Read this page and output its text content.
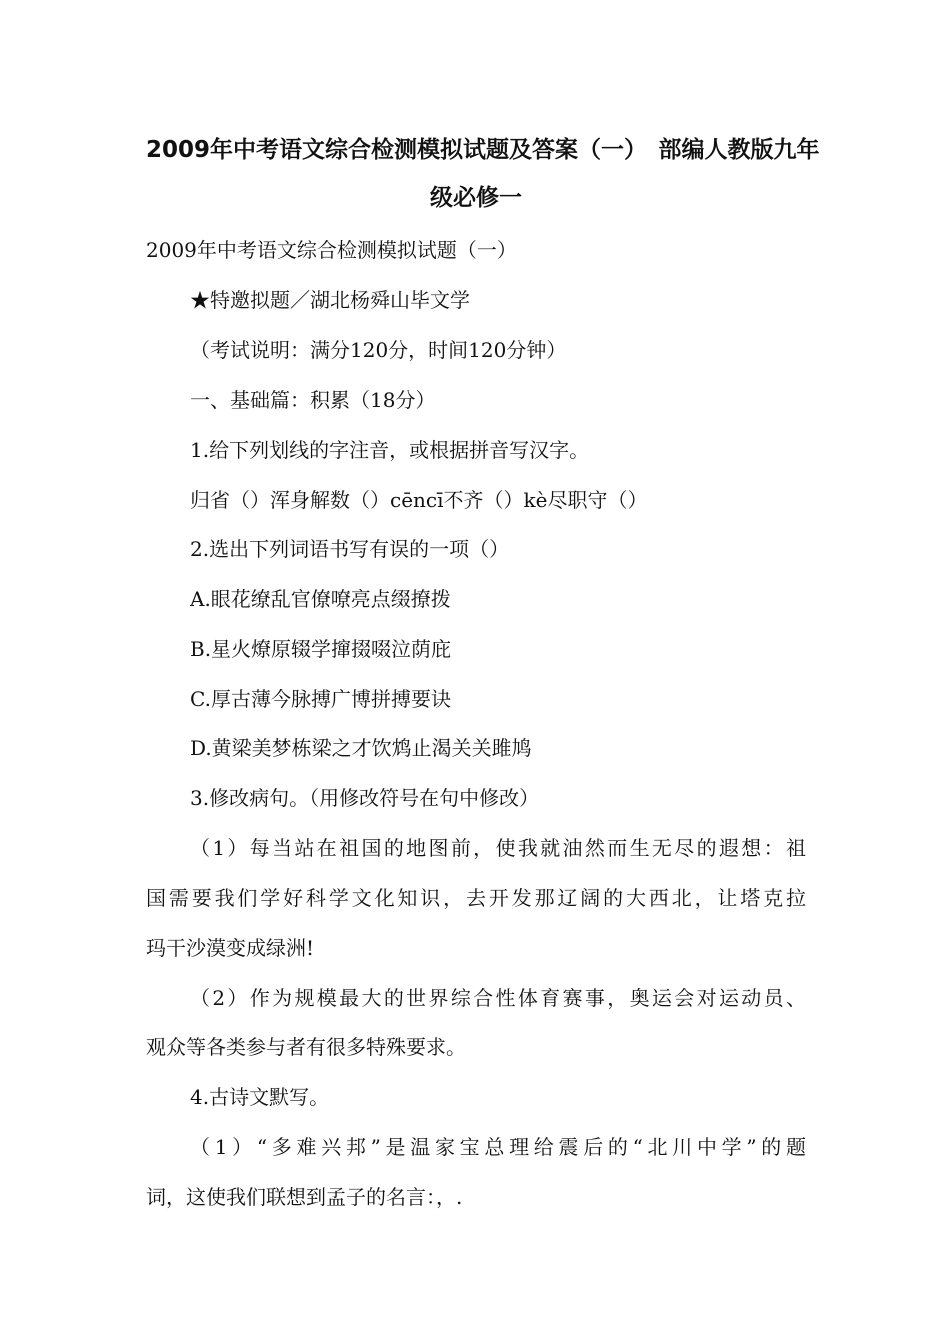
2009年中考语文综合检测模拟试题及答案（一）　部编人教版九年
级必修一

2009年中考语文综合检测模拟试题（一）

★特邀拟题／湖北杨舜山毕文学

（考试说明：满分120分，时间120分钟）

一、基础篇：积累（18分）

1.给下列划线的字注音，或根据拼音写汉字。

归省（）浑身解数（）cēncī不齐（）kè尽职守（）

2.选出下列词语书写有误的一项（）

A.眼花缭乱官僚嘹亮点缀撩拨

B.星火燎原辍学撺掇啜泣荫庇

C.厚古薄今脉搏广博拼搏要诀

D.黄梁美梦栋梁之才饮鸩止渴关关雎鸠

3.修改病句。（用修改符号在句中修改）

（1）每当站在祖国的地图前，使我就油然而生无尽的遐想：祖

国需要我们学好科学文化知识，去开发那辽阔的大西北，让塔克拉

玛干沙漠变成绿洲!

（2）作为规模最大的世界综合性体育赛事，奥运会对运动员、

观众等各类参与者有很多特殊要求。

4.古诗文默写。

（1）“多难兴邦”是温家宝总理给震后的“北川中学”的题

词，这使我们联想到孟子的名言：，.
